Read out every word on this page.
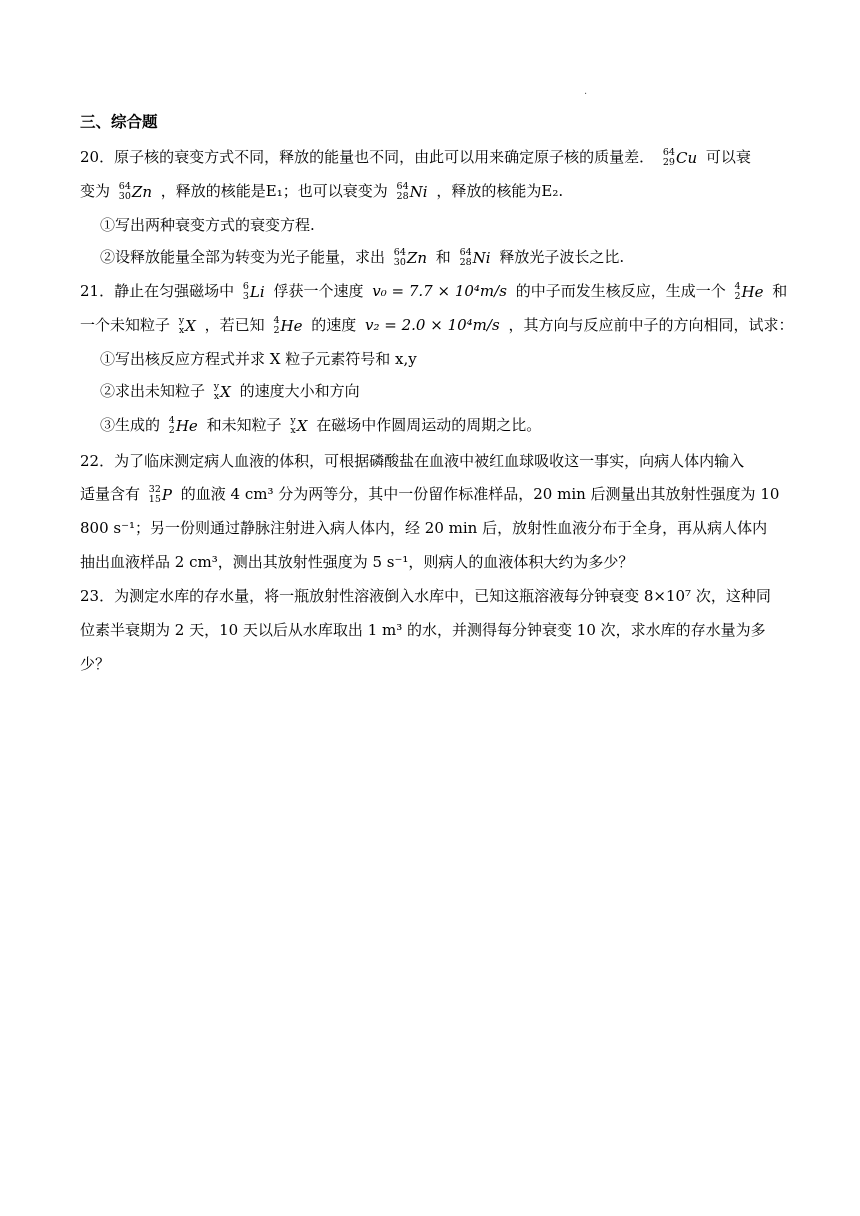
.
三、综合题
20．原子核的衰变方式不同，释放的能量也不同，由此可以用来确定原子核的质量差． 64
29 Cu 可以衰
变为 64
30 Zn ，释放的核能是E₁；也可以衰变为 64
28 Ni ，释放的核能为E₂.
①写出两种衰变方式的衰变方程.
②设释放能量全部为转变为光子能量，求出 64
30 Zn 和 64
28 Ni 释放光子波长之比.
21．静止在匀强磁场中 6
3 Li 俘获一个速度 v₀ = 7.7 × 10⁴m/s 的中子而发生核反应，生成一个 4
2 He 和
一个未知粒子 y
x X ，若已知 4
2 He 的速度 v₂ = 2.0 × 10⁴m/s ，其方向与反应前中子的方向相同，试求：
①写出核反应方程式并求 X 粒子元素符号和 x,y
②求出未知粒子 y
x X 的速度大小和方向
③生成的 4
2 He 和未知粒子 y
x X 在磁场中作圆周运动的周期之比。
22．为了临床测定病人血液的体积，可根据磷酸盐在血液中被红血球吸收这一事实，向病人体内输入
适量含有 32
15 P 的血液 4 cm³ 分为两等分，其中一份留作标准样品，20 min 后测量出其放射性强度为 10
800 s⁻¹；另一份则通过静脉注射进入病人体内，经 20 min 后，放射性血液分布于全身，再从病人体内
抽出血液样品 2 cm³，测出其放射性强度为 5 s⁻¹，则病人的血液体积大约为多少？
23．为测定水库的存水量，将一瓶放射性溶液倒入水库中，已知这瓶溶液每分钟衰变 8×10⁷ 次，这种同
位素半衰期为 2 天，10 天以后从水库取出 1 m³ 的水，并测得每分钟衰变 10 次，求水库的存水量为多
少？
